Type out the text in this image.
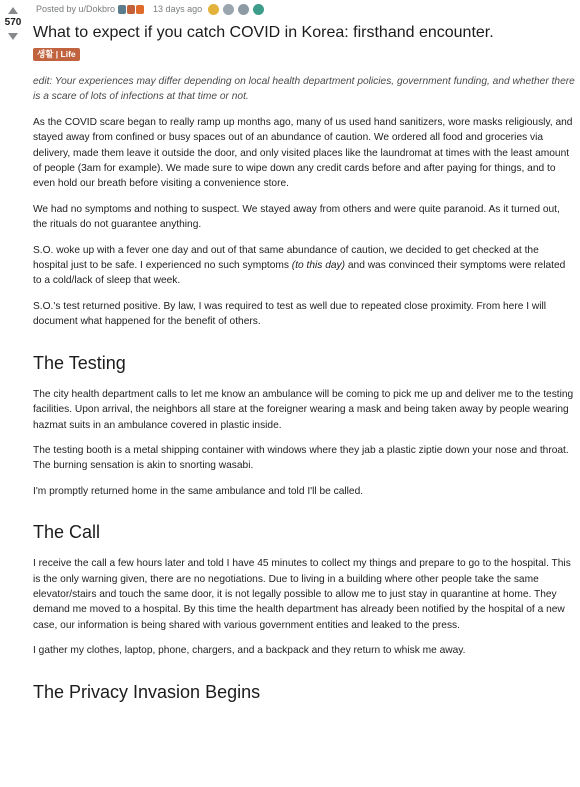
570
Posted by u/Dokbro	13 days ago
What to expect if you catch COVID in Korea: firsthand encounter.
생활 | Life

edit: Your experiences may differ depending on local health department policies, government funding, and whether there is a scare of lots of infections at that time or not.

As the COVID scare began to really ramp up months ago, many of us used hand sanitizers, wore masks religiously, and stayed away from confined or busy spaces out of an abundance of caution. We ordered all food and groceries via delivery, made them leave it outside the door, and only visited places like the laundromat at times with the least amount of people (3am for example). We made sure to wipe down any credit cards before and after paying for things, and to even hold our breath before visiting a convenience store.

We had no symptoms and nothing to suspect. We stayed away from others and were quite paranoid. As it turned out, the rituals do not guarantee anything.

S.O. woke up with a fever one day and out of that same abundance of caution, we decided to get checked at the hospital just to be safe. I experienced no such symptoms (to this day) and was convinced their symptoms were related to a cold/lack of sleep that week.

S.O.'s test returned positive. By law, I was required to test as well due to repeated close proximity. From here I will document what happened for the benefit of others.

The Testing

The city health department calls to let me know an ambulance will be coming to pick me up and deliver me to the testing facilities. Upon arrival, the neighbors all stare at the foreigner wearing a mask and being taken away by people wearing hazmat suits in an ambulance covered in plastic inside.

The testing booth is a metal shipping container with windows where they jab a plastic ziptie down your nose and throat. The burning sensation is akin to snorting wasabi.

I'm promptly returned home in the same ambulance and told I'll be called.

The Call

I receive the call a few hours later and told I have 45 minutes to collect my things and prepare to go to the hospital. This is the only warning given, there are no negotiations. Due to living in a building where other people take the same elevator/stairs and touch the same door, it is not legally possible to allow me to just stay in quarantine at home. They demand me moved to a hospital. By this time the health department has already been notified by the hospital of a new case, our information is being shared with various government entities and leaked to the press.

I gather my clothes, laptop, phone, chargers, and a backpack and they return to whisk me away.

The Privacy Invasion Begins
